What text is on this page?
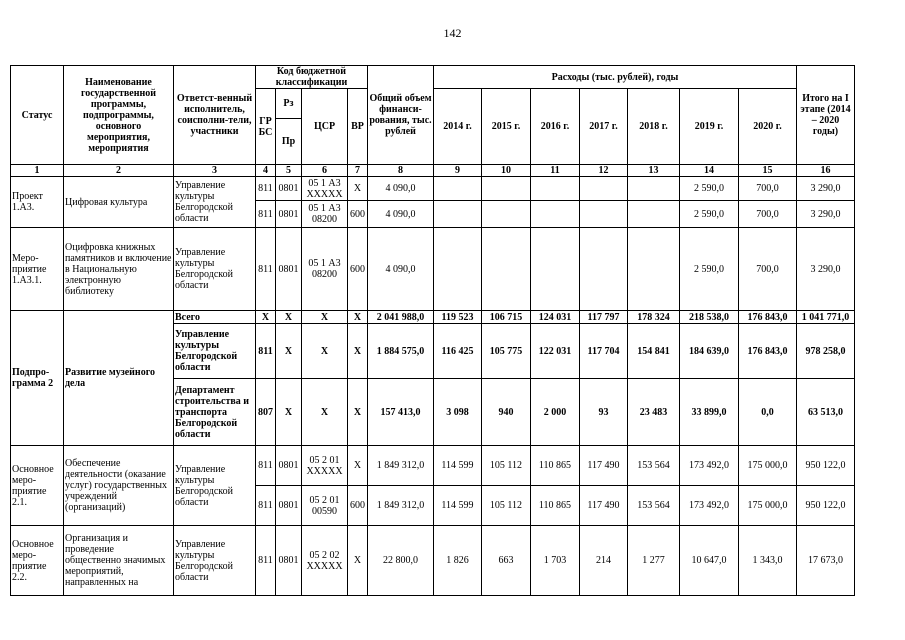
142
Статус	Наименование государственной программы, подпрограммы, основного мероприятия, мероприятия	Ответст-венный исполнитель, соисполни-тели, участники	Код бюджетной классификации				Общий объем финанси-рования, тыс. рублей	Расходы (тыс. рублей), годы							Итого на I этапе (2014 – 2020 годы)
			ГР БС	Рз	ЦСР	ВР		2014 г.	2015 г.	2016 г.	2017 г.	2018 г.	2019 г.	2020 г.	
				Пр											
1	2	3	4	5	6	7	8	9	10	11	12	13	14	15	16
Проект 1.А3.	Цифровая культура	Управление культуры Белгородской области	811	0801	05 1 А3 ХХХХХ	Х	4 090,0						2 590,0	700,0	3 290,0
			811	0801	05 1 А3 08200	600	4 090,0						2 590,0	700,0	3 290,0
Меро-приятие 1.А3.1.	Оцифровка книжных памятников и включение в Национальную электронную библиотеку	Управление культуры Белгородской области	811	0801	05 1 А3 08200	600	4 090,0						2 590,0	700,0	3 290,0
Подпро-грамма 2	Развитие музейного дела	Всего	Х	Х	Х	Х	2 041 988,0	119 523	106 715	124 031	117 797	178 324	218 538,0	176 843,0	1 041 771,0
		Управление культуры Белгородской области	811	Х	Х	Х	1 884 575,0	116 425	105 775	122 031	117 704	154 841	184 639,0	176 843,0	978 258,0
		Департамент строительства и транспорта Белгородской области	807	Х	Х	Х	157 413,0	3 098	940	2 000	93	23 483	33 899,0	0,0	63 513,0
Основное меро-приятие 2.1.	Обеспечение деятельности (оказание услуг) государственных учреждений (организаций)	Управление культуры Белгородской области	811	0801	05 2 01 ХХХХХ	Х	1 849 312,0	114 599	105 112	110 865	117 490	153 564	173 492,0	175 000,0	950 122,0
			811	0801	05 2 01 00590	600	1 849 312,0	114 599	105 112	110 865	117 490	153 564	173 492,0	175 000,0	950 122,0
Основное меро-приятие 2.2.	Организация и проведение общественно значимых мероприятий, направленных на	Управление культуры Белгородской области	811	0801	05 2 02 ХХХХХ	Х	22 800,0	1 826	663	1 703	214	1 277	10 647,0	1 343,0	17 673,0
